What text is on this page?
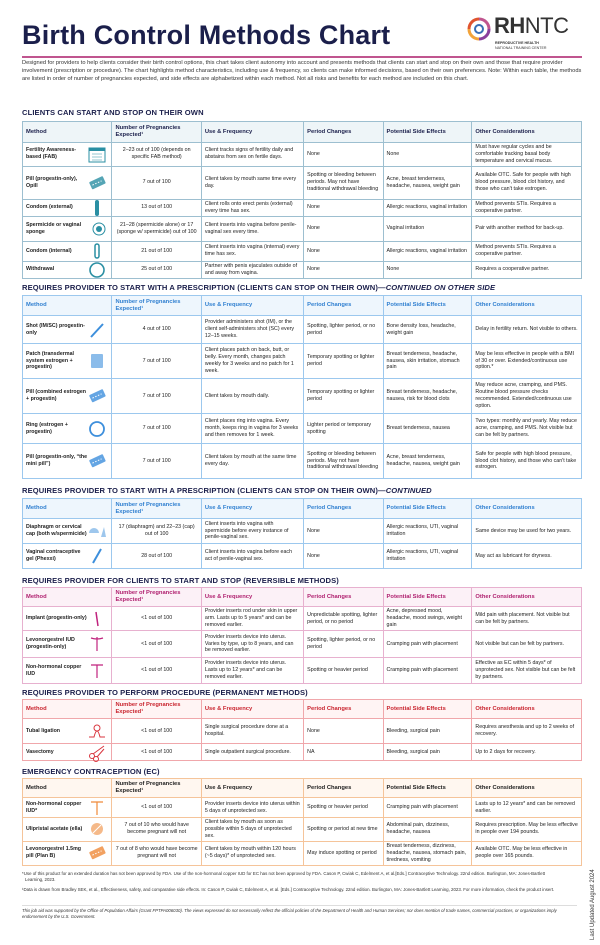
Birth Control Methods Chart	RHNTC
REPRODUCTIVE HEALTH
NATIONAL TRAINING CENTER
Designed for providers to help clients consider their birth control options, this chart takes client autonomy into account and presents methods that clients can start and stop on their own and those that require provider involvement (prescription or procedure). The chart highlights method characteristics, including use & frequency, so clients can make informed decisions, based on their own preferences. Note: Within each table, the methods are listed in order of number of pregnancies expected, and side effects are alphabetized within each method. Not all risks and benefits for each method are included on this chart.
CLIENTS CAN START AND STOP ON THEIR OWN
Method	Number of Pregnancies Expected¹	Use & Frequency	Period Changes	Potential Side Effects	Other Considerations
Fertility Awareness-based (FAB)	2–23 out of 100 (depends on specific FAB method)	Client tracks signs of fertility daily and abstains from sex on fertile days.	None	None	Must have regular cycles and be comfortable tracking basal body temperature and cervical mucus.
Pill (progestin-only), Opill	7 out of 100	Client takes by mouth same time every day.	Spotting or bleeding between periods. May not have traditional withdrawal bleeding	Acne, breast tenderness, headache, nausea, weight gain	Available OTC. Safe for people with high blood pressure, blood clot history, and those who can't take estrogen.
Condom (external)	13 out of 100	Client rolls onto erect penis (external) every time has sex.	None	Allergic reactions, vaginal irritation	Method prevents STIs. Requires a cooperative partner.
Spermicide or vaginal sponge	21–28 (spermicide alone) or 17 (sponge w/ spermicide) out of 100	Client inserts into vagina before penile-vaginal sex every time.	None	Vaginal irritation	Pair with another method for back-up.
Condom (internal)	21 out of 100	Client inserts into vagina (internal) every time has sex.	None	Allergic reactions, vaginal irritation	Method prevents STIs. Requires a cooperative partner.
Withdrawal	25 out of 100	Partner with penis ejaculates outside of and away from vagina.	None	None	Requires a cooperative partner.
REQUIRES PROVIDER TO START WITH A PRESCRIPTION (CLIENTS CAN STOP ON THEIR OWN)—CONTINUED ON OTHER SIDE
Method	Number of Pregnancies Expected¹	Use & Frequency	Period Changes	Potential Side Effects	Other Considerations
Shot (IM/SC) progestin-only	4 out of 100	Provider administers shot (IM), or the client self-administers shot (SC) every 12–15 weeks.	Spotting, lighter period, or no period	Bone density loss, headache, weight gain	Delay in fertility return. Not visible to others.
Patch (transdermal system estrogen + progestin)	7 out of 100	Client places patch on back, butt, or belly. Every month, changes patch weekly for 3 weeks and no patch for 1 week.	Temporary spotting or lighter period	Breast tenderness, headache, nausea, skin irritation, stomach pain	May be less effective in people with a BMI of 30 or over. Extended/continuous use option.*
Pill (combined estrogen + progestin)	7 out of 100	Client takes by mouth daily.	Temporary spotting or lighter period	Breast tenderness, headache, nausea, risk for blood clots	May reduce acne, cramping, and PMS. Routine blood pressure checks recommended. Extended/continuous use option.
Ring (estrogen + progestin)	7 out of 100	Client places ring into vagina. Every month, keeps ring in vagina for 3 weeks and then removes for 1 week.	Lighter period or temporary spotting	Breast tenderness, nausea	Two types: monthly and yearly. May reduce acne, cramping, and PMS. Not visible but can be felt by partners.
Pill (progestin-only, “the mini pill”)	7 out of 100	Client takes by mouth at the same time every day.	Spotting or bleeding between periods. May not have traditional withdrawal bleeding	Acne, breast tenderness, headache, nausea, weight gain	Safe for people with high blood pressure, blood clot history, and those who can't take estrogen.
REQUIRES PROVIDER TO START WITH A PRESCRIPTION (CLIENTS CAN STOP ON THEIR OWN)—CONTINUED
Method	Number of Pregnancies Expected¹	Use & Frequency	Period Changes	Potential Side Effects	Other Considerations
Diaphragm or cervical cap (both w/spermicide)	17 (diaphragm) and 22–23 (cap) out of 100	Client inserts into vagina with spermicide before every instance of penile-vaginal sex.	None	Allergic reactions, UTI, vaginal irritation	Same device may be used for two years.
Vaginal contraceptive gel (Phexxi)	28 out of 100	Client inserts into vagina before each act of penile-vaginal sex.	None	Allergic reactions, UTI, vaginal irritation	May act as lubricant for dryness.
REQUIRES PROVIDER FOR CLIENTS TO START AND STOP (REVERSIBLE METHODS)
Method	Number of Pregnancies Expected¹	Use & Frequency	Period Changes	Potential Side Effects	Other Considerations
Implant (progestin-only)	<1 out of 100	Provider inserts rod under skin in upper arm. Lasts up to 5 years* and can be removed earlier.	Unpredictable spotting, lighter period, or no period	Acne, depressed mood, headache, mood swings, weight gain	Mild pain with placement. Not visible but can be felt by partners.
Levonorgestrel IUD (progestin-only)	<1 out of 100	Provider inserts device into uterus. Varies by type, up to 8 years, and can be removed earlier.	Spotting, lighter period, or no period	Cramping pain with placement	Not visible but can be felt by partners.
Non-hormonal copper IUD	<1 out of 100	Provider inserts device into uterus. Lasts up to 12 years* and can be removed earlier.	Spotting or heavier period	Cramping pain with placement	Effective as EC within 5 days* of unprotected sex. Not visible but can be felt by partners.
REQUIRES PROVIDER TO PERFORM PROCEDURE (PERMANENT METHODS)
Method	Number of Pregnancies Expected¹	Use & Frequency	Period Changes	Potential Side Effects	Other Considerations
Tubal ligation	<1 out of 100	Single surgical procedure done at a hospital.	None	Bleeding, surgical pain	Requires anesthesia and up to 2 weeks of recovery.
Vasectomy	<1 out of 100	Single outpatient surgical procedure.	NA	Bleeding, surgical pain	Up to 2 days for recovery.
EMERGENCY CONTRACEPTION (EC)
Method	Number of Pregnancies Expected¹	Use & Frequency	Period Changes	Potential Side Effects	Other Considerations
Non-hormonal copper IUD*	<1 out of 100	Provider inserts device into uterus within 5 days of unprotected sex.	Spotting or heavier period	Cramping pain with placement	Lasts up to 12 years* and can be removed earlier.
Ulipristal acetate (ella)	7 out of 10 who would have become pregnant will not	Client takes by mouth as soon as possible within 5 days of unprotected sex.	Spotting or period at new time	Abdominal pain, dizziness, headache, nausea	Requires prescription. May be less effective in people over 194 pounds.
Levonorgestrel 1.5mg pill (Plan B)	7 out of 8 who would have become pregnant will not	Client takes by mouth within 120 hours (~5 days)* of unprotected sex.	May induce spotting or period	Breast tenderness, dizziness, headache, nausea, stomach pain, tiredness, vomiting	Available OTC. May be less effective in people over 165 pounds.

*Use of this product for an extended duration has not been approved by FDA. Use of the non-hormonal copper IUD for EC has not been approved by FDA. Cason P, Cwiak C, Edelment A, et al.[Eds.] Contraceptive Technology. 22nd edition. Burlington, MA: Jones-Bartlett Learning, 2023.

¹Data is drawn from Bradley SEK, et al., Effectiveness, safety, and comparative side effects. In: Cason P, Cwiak C, Edelment A, et al. [Eds.] Contraceptive Technology. 22nd edition. Burlington, MA: Jones-Bartlett Learning, 2023. For more information, check the product insert.

This job aid was supported by the Office of Population Affairs (Grant FPTPA006030). The views expressed do not necessarily reflect the official policies of the Department of Health and Human Services; nor does mention of trade names, commercial practices, or organizations imply endorsement by the U.S. Government.	Last Updated August 2024
